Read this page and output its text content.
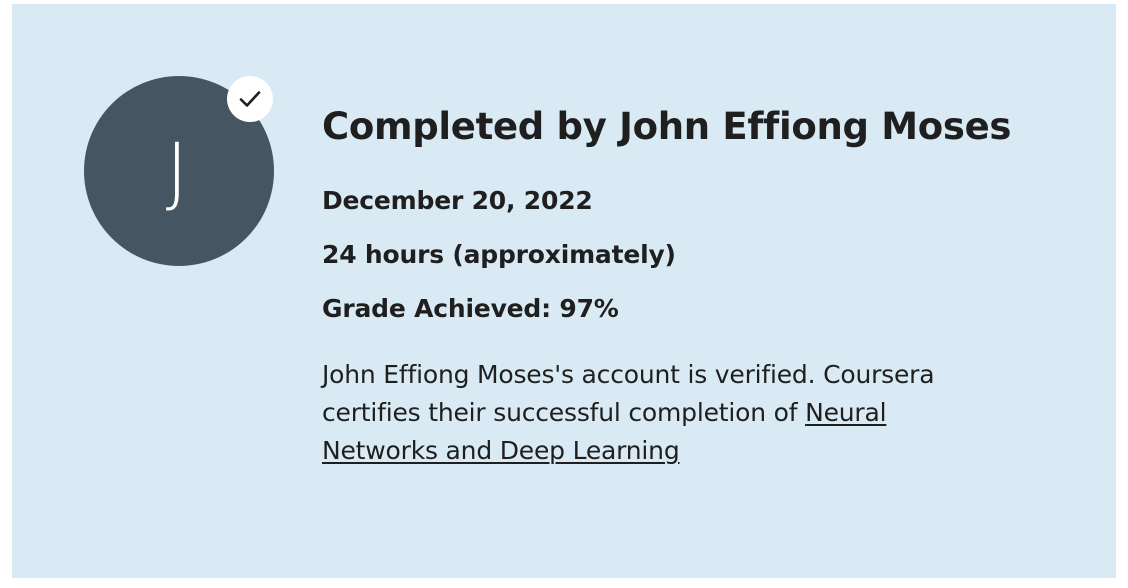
J	Completed by John Effiong Moses
December 20, 2022
24 hours (approximately)
Grade Achieved: 97%

John Effiong Moses's account is verified. Coursera certifies their successful completion of Neural Networks and Deep Learning
